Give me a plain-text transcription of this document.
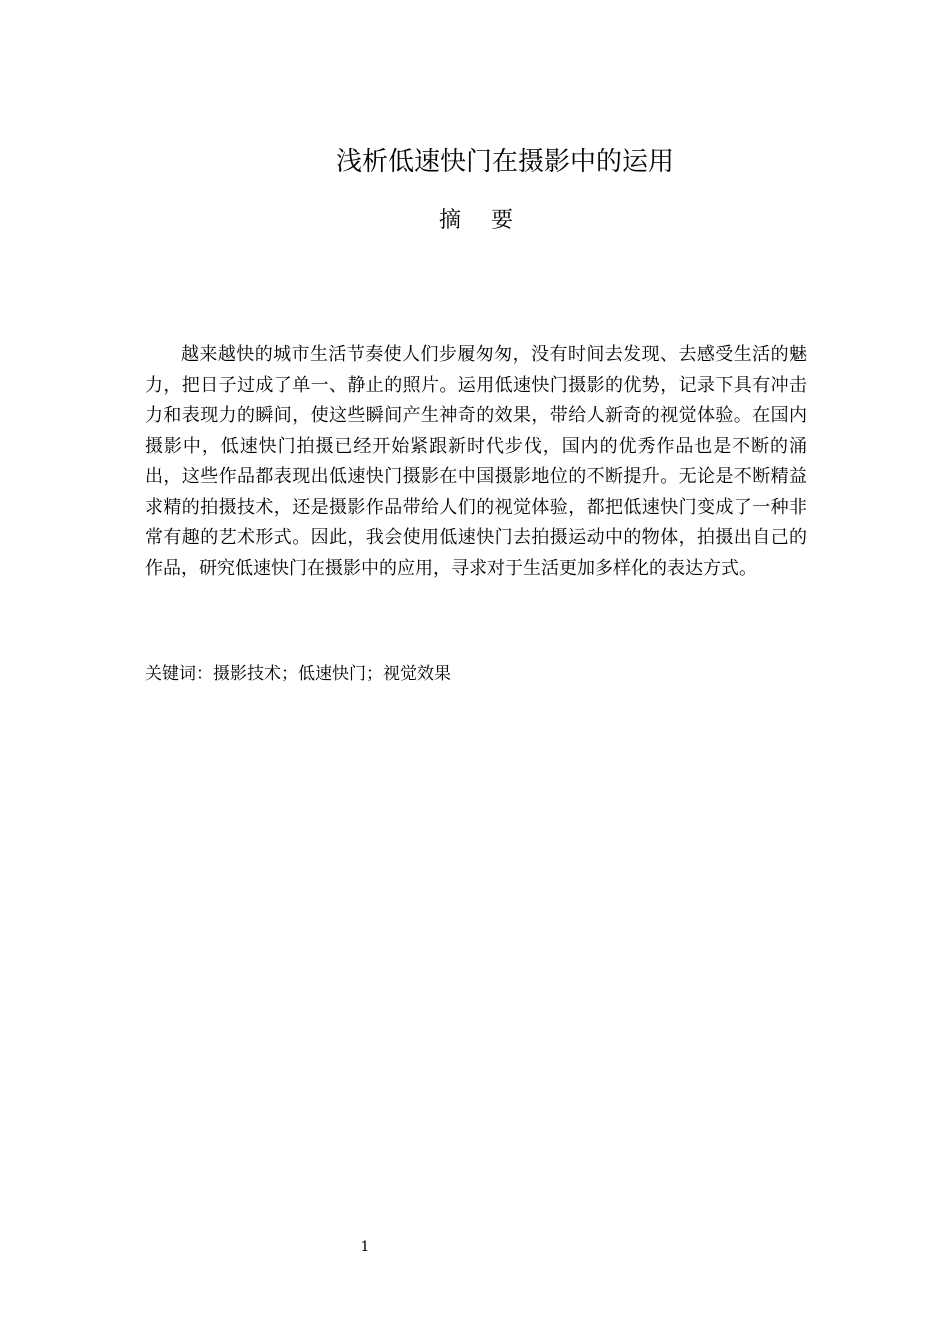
浅析低速快门在摄影中的运用
摘要

越来越快的城市生活节奏使人们步履匆匆，没有时间去发现、去感受生活的魅力，把日子过成了单一、静止的照片。运用低速快门摄影的优势，记录下具有冲击力和表现力的瞬间，使这些瞬间产生神奇的效果，带给人新奇的视觉体验。在国内摄影中，低速快门拍摄已经开始紧跟新时代步伐，国内的优秀作品也是不断的涌出，这些作品都表现出低速快门摄影在中国摄影地位的不断提升。无论是不断精益求精的拍摄技术，还是摄影作品带给人们的视觉体验，都把低速快门变成了一种非常有趣的艺术形式。因此，我会使用低速快门去拍摄运动中的物体，拍摄出自己的作品，研究低速快门在摄影中的应用，寻求对于生活更加多样化的表达方式。

关键词：摄影技术；低速快门；视觉效果
1
